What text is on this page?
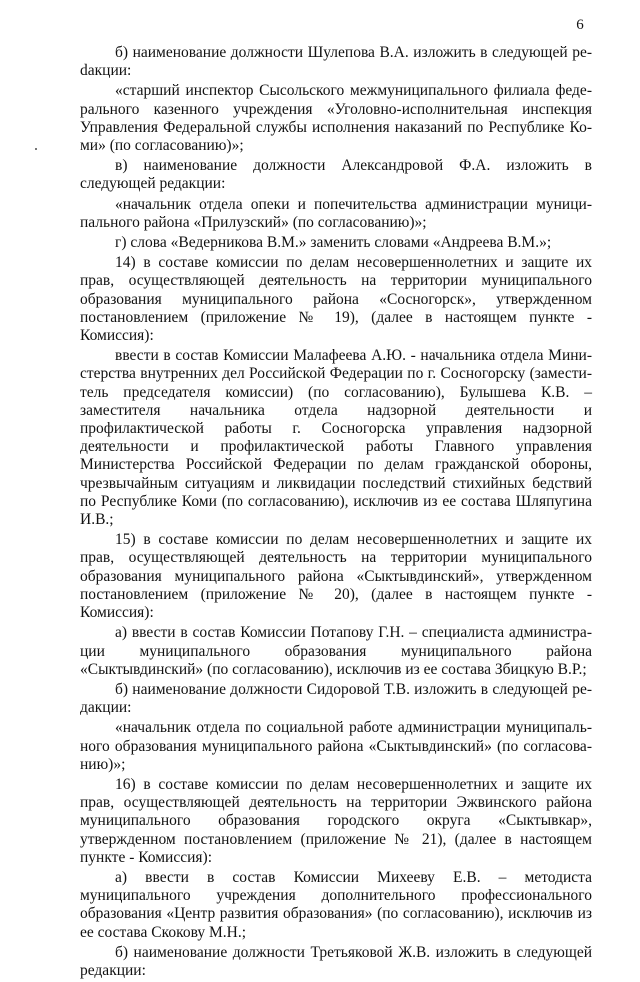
6

б) наименование должности Шулепова В.А. изложить в следующей реdакции:

«старший инспектор Сысольского межмуниципального филиала федерального казенного учреждения «Уголовно-исполнительная инспекция Управления Федеральной службы исполнения наказаний по Республике Коми» (по согласованию)»;

в) наименование должности Александровой Ф.А. изложить в следующей редакции:

«начальник отдела опеки и попечительства администрации муниципального района «Прилузский» (по согласованию)»;

г) слова «Ведерникова В.М.» заменить словами «Андреева В.М.»;

14) в составе комиссии по делам несовершеннолетних и защите их прав, осуществляющей деятельность на территории муниципального образования муниципального района «Сосногорск», утвержденном постановлением (приложение № 19), (далее в настоящем пункте - Комиссия):

ввести в состав Комиссии Малафеева А.Ю. - начальника отдела Министерства внутренних дел Российской Федерации по г. Сосногорску (заместитель председателя комиссии) (по согласованию), Булышева К.В. – заместителя начальника отдела надзорной деятельности и профилактической работы г. Сосногорска управления надзорной деятельности и профилактической работы Главного управления Министерства Российской Федерации по делам гражданской обороны, чрезвычайным ситуациям и ликвидации последствий стихийных бедствий по Республике Коми (по согласованию), исключив из ее состава Шляпугина И.В.;

15) в составе комиссии по делам несовершеннолетних и защите их прав, осуществляющей деятельность на территории муниципального образования муниципального района «Сыктывдинский», утвержденном постановлением (приложение № 20), (далее в настоящем пункте - Комиссия):

а) ввести в состав Комиссии Потапову Г.Н. – специалиста администрации муниципального образования муниципального района «Сыктывдинский» (по согласованию), исключив из ее состава Збицкую В.Р.;

б) наименование должности Сидоровой Т.В. изложить в следующей редакции:

«начальник отдела по социальной работе администрации муниципального образования муниципального района «Сыктывдинский» (по согласованию)»;

16) в составе комиссии по делам несовершеннолетних и защите их прав, осуществляющей деятельность на территории Эжвинского района муниципального образования городского округа «Сыктывкар», утвержденном постановлением (приложение № 21), (далее в настоящем пункте - Комиссия):

а) ввести в состав Комиссии Михееву Е.В. – методиста муниципального учреждения дополнительного профессионального образования «Центр развития образования» (по согласованию), исключив из ее состава Скокову М.Н.;

б) наименование должности Третьяковой Ж.В. изложить в следующей редакции:
